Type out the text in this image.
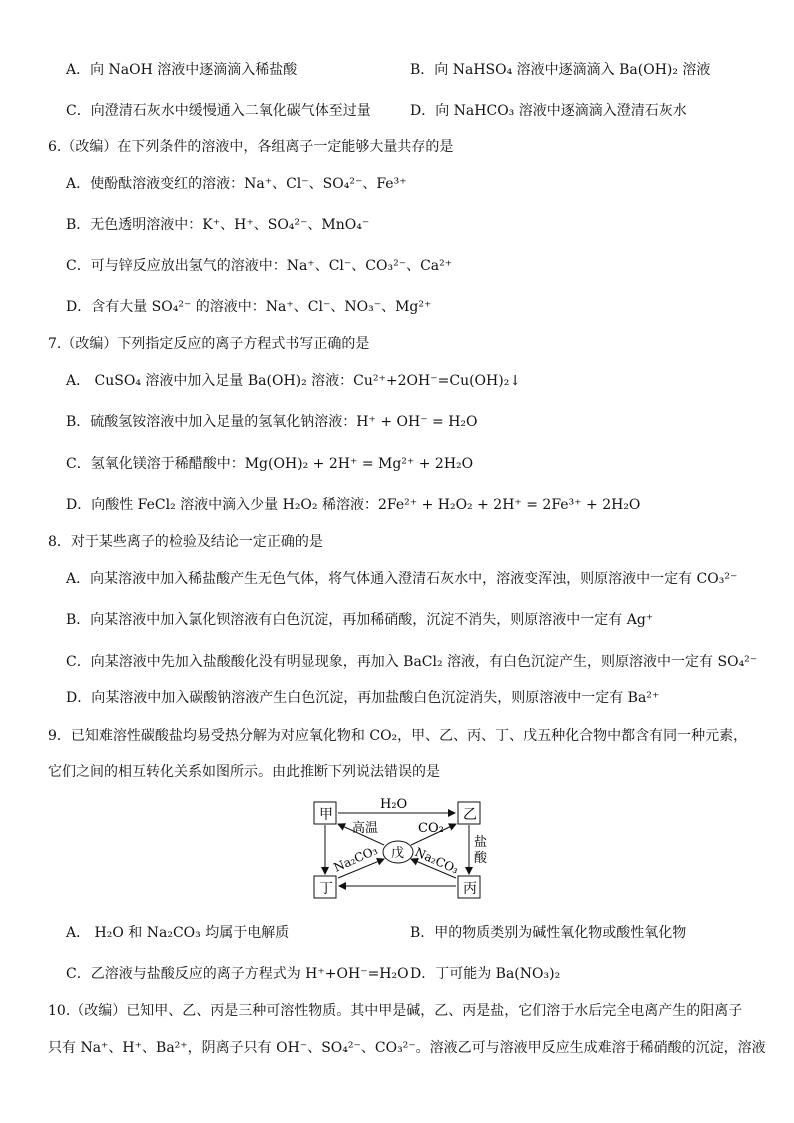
A．向 NaOH 溶液中逐滴滴入稀盐酸	B．向 NaHSO₄ 溶液中逐滴滴入 Ba(OH)₂ 溶液
C．向澄清石灰水中缓慢通入二氧化碳气体至过量	D．向 NaHCO₃ 溶液中逐滴滴入澄清石灰水
6.（改编）在下列条件的溶液中，各组离子一定能够大量共存的是
A．使酚酞溶液变红的溶液：Na⁺、Cl⁻、SO₄²⁻、Fe³⁺
B．无色透明溶液中：K⁺、H⁺、SO₄²⁻、MnO₄⁻
C．可与锌反应放出氢气的溶液中：Na⁺、Cl⁻、CO₃²⁻、Ca²⁺
D．含有大量 SO₄²⁻ 的溶液中：Na⁺、Cl⁻、NO₃⁻、Mg²⁺
7.（改编）下列指定反应的离子方程式书写正确的是
A． CuSO₄ 溶液中加入足量 Ba(OH)₂ 溶液：Cu²⁺+2OH⁻=Cu(OH)₂↓
B．硫酸氢铵溶液中加入足量的氢氧化钠溶液：H⁺ + OH⁻ = H₂O
C．氢氧化镁溶于稀醋酸中：Mg(OH)₂ + 2H⁺ = Mg²⁺ + 2H₂O
D．向酸性 FeCl₂ 溶液中滴入少量 H₂O₂ 稀溶液：2Fe²⁺ + H₂O₂ + 2H⁺ = 2Fe³⁺ + 2H₂O
8．对于某些离子的检验及结论一定正确的是
A．向某溶液中加入稀盐酸产生无色气体，将气体通入澄清石灰水中，溶液变浑浊，则原溶液中一定有 CO₃²⁻
B．向某溶液中加入氯化钡溶液有白色沉淀，再加稀硝酸，沉淀不消失，则原溶液中一定有 Ag⁺
C．向某溶液中先加入盐酸酸化没有明显现象，再加入 BaCl₂ 溶液，有白色沉淀产生，则原溶液中一定有 SO₄²⁻
D．向某溶液中加入碳酸钠溶液产生白色沉淀，再加盐酸白色沉淀消失，则原溶液中一定有 Ba²⁺
9．已知难溶性碳酸盐均易受热分解为对应氧化物和 CO₂，甲、乙、丙、丁、戊五种化合物中都含有同一种元素，
它们之间的相互转化关系如图所示。由此推断下列说法错误的是
甲	乙
丁	丙
戊
H₂O
高温	CO₂
盐
酸
Na₂CO₃	Na₂CO₃
A． H₂O 和 Na₂CO₃ 均属于电解质	B．甲的物质类别为碱性氧化物或酸性氧化物
C．乙溶液与盐酸反应的离子方程式为 H⁺+OH⁻=H₂O D．丁可能为 Ba(NO₃)₂
10.（改编）已知甲、乙、丙是三种可溶性物质。其中甲是碱，乙、丙是盐，它们溶于水后完全电离产生的阳离子
只有 Na⁺、H⁺、Ba²⁺，阴离子只有 OH⁻、SO₄²⁻、CO₃²⁻。溶液乙可与溶液甲反应生成难溶于稀硝酸的沉淀，溶液
